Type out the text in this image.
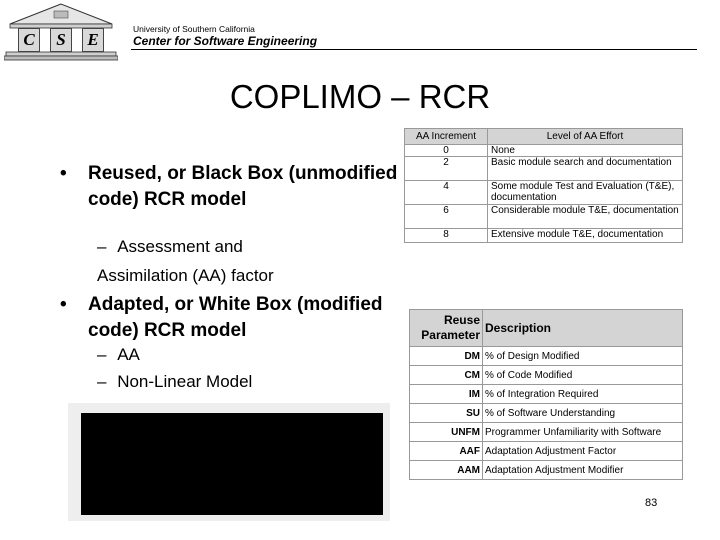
C	S	E
University of Southern California
Center for Software Engineering
COPLIMO – RCR
• Reused, or Black Box (unmodified code) RCR model
– Assessment and
Assimilation (AA) factor
• Adapted, or White Box (modified code) RCR model
– AA
– Non-Linear Model
AA Increment	Level of AA Effort
0	None
2	Basic module search and documentation
4	Some module Test and Evaluation (T&E), documentation
6	Considerable module T&E, documentation
8	Extensive module T&E, documentation
Reuse Parameter	Description
DM	% of Design Modified
CM	% of Code Modified
IM	% of Integration Required
SU	% of Software Understanding
UNFM	Programmer Unfamiliarity with Software
AAF	Adaptation Adjustment Factor
AAM	Adaptation Adjustment Modifier
83
